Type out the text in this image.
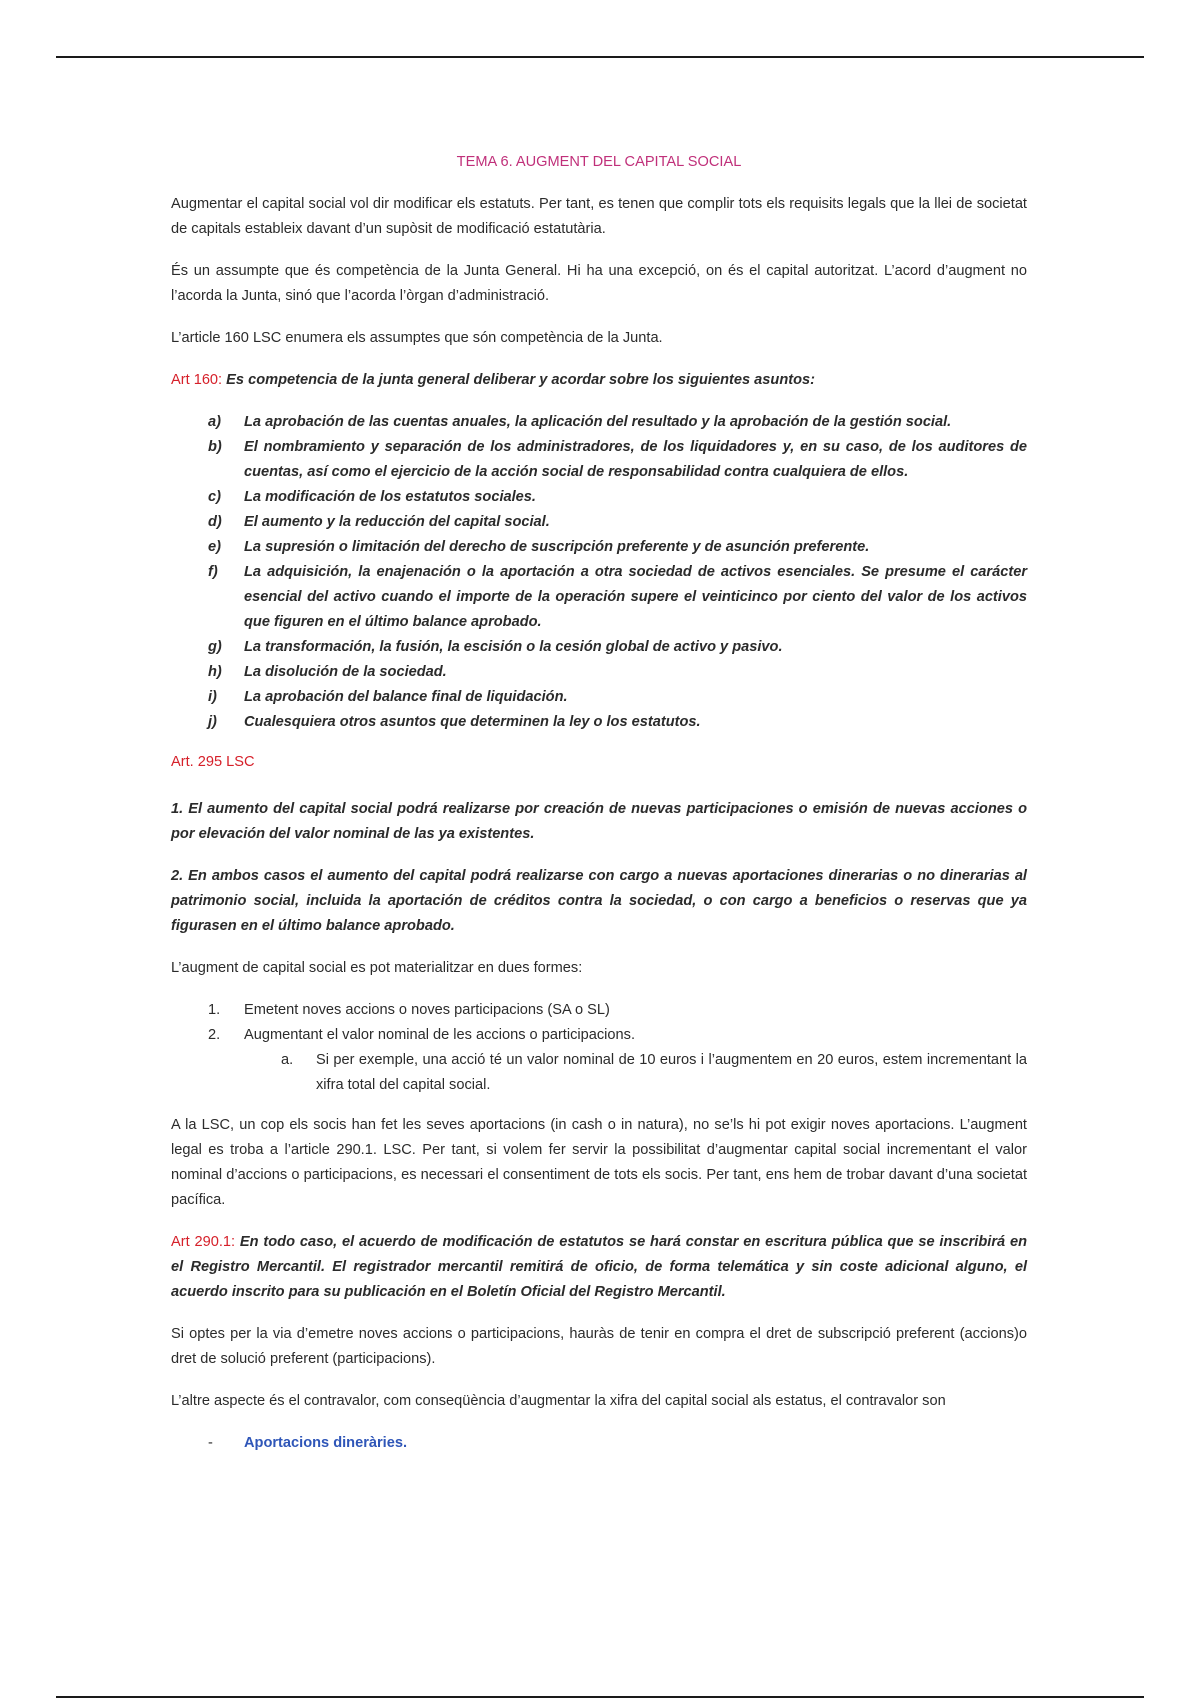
TEMA 6. AUGMENT DEL CAPITAL SOCIAL

Augmentar el capital social vol dir modificar els estatuts. Per tant, es tenen que complir tots els requisits legals que la llei de societat de capitals estableix davant d’un supòsit de modificació estatutària.

És un assumpte que és competència de la Junta General. Hi ha una excepció, on és el capital autoritzat. L’acord d’augment no l’acorda la Junta, sinó que l’acorda l’òrgan d’administració.

L’article 160 LSC enumera els assumptes que són competència de la Junta.

Art 160: Es competencia de la junta general deliberar y acordar sobre los siguientes asuntos:

a) La aprobación de las cuentas anuales, la aplicación del resultado y la aprobación de la gestión social.
b) El nombramiento y separación de los administradores, de los liquidadores y, en su caso, de los auditores de cuentas, así como el ejercicio de la acción social de responsabilidad contra cualquiera de ellos.
c) La modificación de los estatutos sociales.
d) El aumento y la reducción del capital social.
e) La supresión o limitación del derecho de suscripción preferente y de asunción preferente.
f) La adquisición, la enajenación o la aportación a otra sociedad de activos esenciales. Se presume el carácter esencial del activo cuando el importe de la operación supere el veinticinco por ciento del valor de los activos que figuren en el último balance aprobado.
g) La transformación, la fusión, la escisión o la cesión global de activo y pasivo.
h) La disolución de la sociedad.
i) La aprobación del balance final de liquidación.
j) Cualesquiera otros asuntos que determinen la ley o los estatutos.

Art. 295 LSC

1. El aumento del capital social podrá realizarse por creación de nuevas participaciones o emisión de nuevas acciones o por elevación del valor nominal de las ya existentes.

2. En ambos casos el aumento del capital podrá realizarse con cargo a nuevas aportaciones dinerarias o no dinerarias al patrimonio social, incluida la aportación de créditos contra la sociedad, o con cargo a beneficios o reservas que ya figurasen en el último balance aprobado.

L’augment de capital social es pot materialitzar en dues formes:

1. Emetent noves accions o noves participacions (SA o SL)
2. Augmentant el valor nominal de les accions o participacions.
a. Si per exemple, una acció té un valor nominal de 10 euros i l’augmentem en 20 euros, estem incrementant la xifra total del capital social.

A la LSC, un cop els socis han fet les seves aportacions (in cash o in natura), no se’ls hi pot exigir noves aportacions. L’augment legal es troba a l’article 290.1. LSC. Per tant, si volem fer servir la possibilitat d’augmentar capital social incrementant el valor nominal d’accions o participacions, es necessari el consentiment de tots els socis. Per tant, ens hem de trobar davant d’una societat pacífica.

Art 290.1: En todo caso, el acuerdo de modificación de estatutos se hará constar en escritura pública que se inscribirá en el Registro Mercantil. El registrador mercantil remitirá de oficio, de forma telemática y sin coste adicional alguno, el acuerdo inscrito para su publicación en el Boletín Oficial del Registro Mercantil.

Si optes per la via d’emetre noves accions o participacions, hauràs de tenir en compra el dret de subscripció preferent (accions)o dret de solució preferent (participacions).

L’altre aspecte és el contravalor, com conseqüència d’augmentar la xifra del capital social als estatus, el contravalor son

- Aportacions dineràries.
